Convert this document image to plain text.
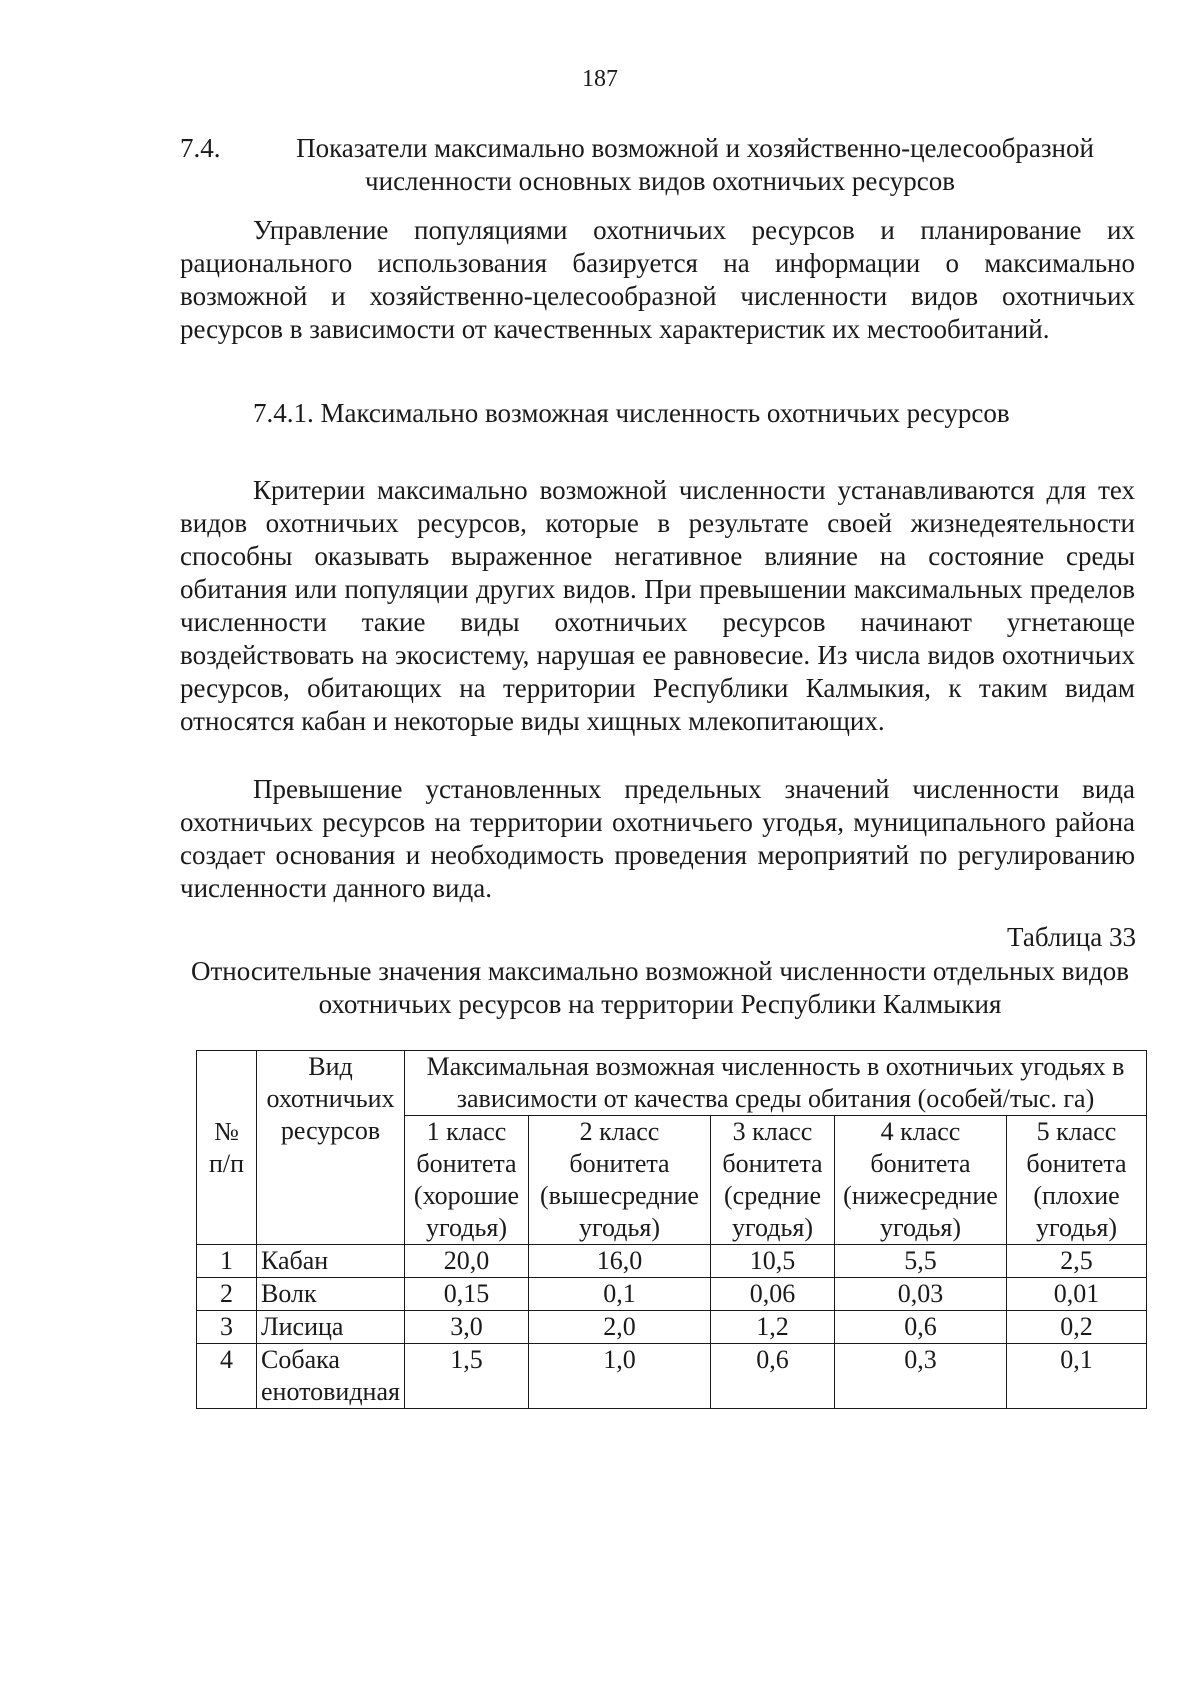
187
7.4.	Показатели максимально возможной и хозяйственно-целесообразной
численности основных видов охотничьих ресурсов

Управление популяциями охотничьих ресурсов и планирование их рационального использования базируется на информации о максимально возможной и хозяйственно-целесообразной численности видов охотничьих ресурсов в зависимости от качественных характеристик их местообитаний.

7.4.1. Максимально возможная численность охотничьих ресурсов

Критерии максимально возможной численности устанавливаются для тех видов охотничьих ресурсов, которые в результате своей жизнедеятельности способны оказывать выраженное негативное влияние на состояние среды обитания или популяции других видов. При превышении максимальных пределов численности такие виды охотничьих ресурсов начинают угнетающе воздействовать на экосистему, нарушая ее равновесие. Из числа видов охотничьих ресурсов, обитающих на территории Республики Калмыкия, к таким видам относятся кабан и некоторые виды хищных млекопитающих.

Превышение установленных предельных значений численности вида охотничьих ресурсов на территории охотничьего угодья, муниципального района создает основания и необходимость проведения мероприятий по регулированию численности данного вида.

Таблица 33
Относительные значения максимально возможной численности отдельных видов охотничьих ресурсов на территории Республики Калмыкия
№ п/п	Вид охотничьих ресурсов	Максимальная возможная численность в охотничьих угодьях в зависимости от качества среды обитания (особей/тыс. га)				
		1 класс бонитета (хорошие угодья)	2 класс бонитета (вышесредние угодья)	3 класс бонитета (средние угодья)	4 класс бонитета (нижесредние угодья)	5 класс бонитета (плохие угодья)
1	Кабан	20,0	16,0	10,5	5,5	2,5
2	Волк	0,15	0,1	0,06	0,03	0,01
3	Лисица	3,0	2,0	1,2	0,6	0,2
4	Собака енотовидная	1,5	1,0	0,6	0,3	0,1
